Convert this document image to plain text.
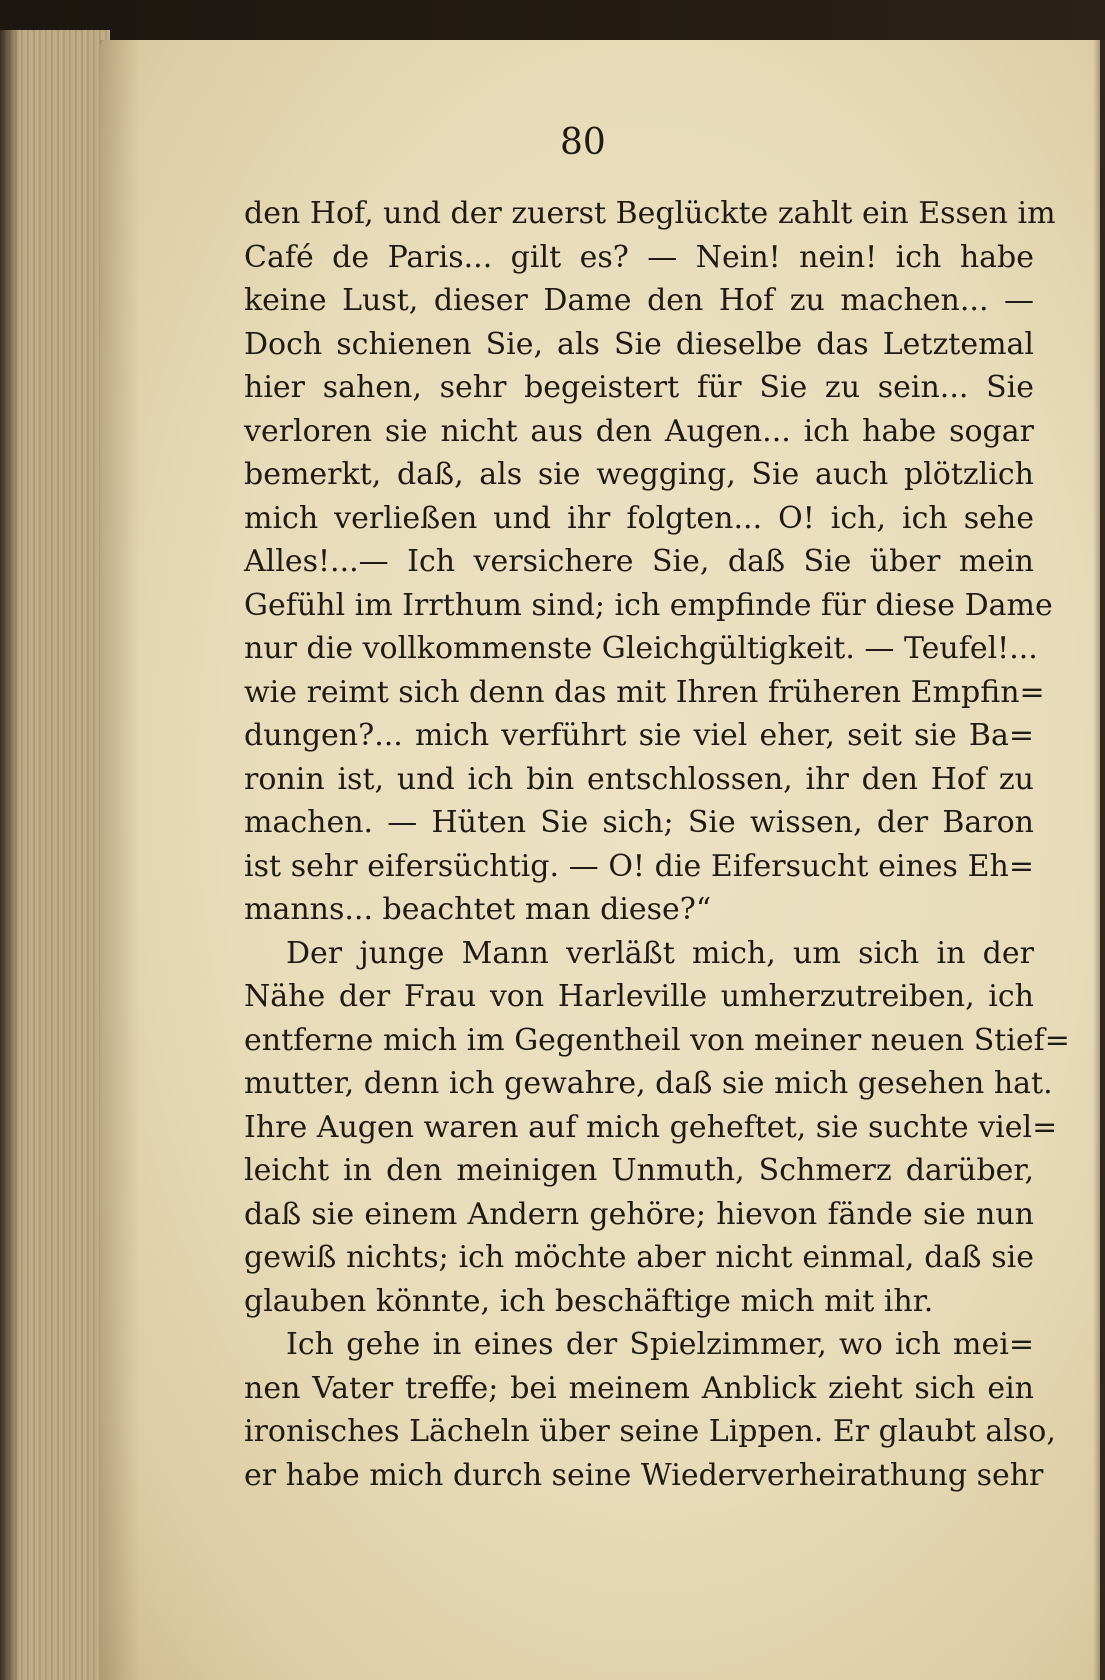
80

den Hof, und der zuerst Beglückte zahlt ein Essen im

Café de Paris... gilt es? — Nein! nein! ich habe

keine Lust, dieser Dame den Hof zu machen... —

Doch schienen Sie, als Sie dieselbe das Letztemal

hier sahen, sehr begeistert für Sie zu sein... Sie

verloren sie nicht aus den Augen... ich habe sogar

bemerkt, daß, als sie wegging, Sie auch plötzlich

mich verließen und ihr folgten... O! ich, ich sehe

Alles!...— Ich versichere Sie, daß Sie über mein

Gefühl im Irrthum sind; ich empfinde für diese Dame

nur die vollkommenste Gleichgültigkeit. — Teufel!...

wie reimt sich denn das mit Ihren früheren Empfin=

dungen?... mich verführt sie viel eher, seit sie Ba=

ronin ist, und ich bin entschlossen, ihr den Hof zu

machen. — Hüten Sie sich; Sie wissen, der Baron

ist sehr eifersüchtig. — O! die Eifersucht eines Eh=

manns... beachtet man diese?“

Der junge Mann verläßt mich, um sich in der

Nähe der Frau von Harleville umherzutreiben, ich

entferne mich im Gegentheil von meiner neuen Stief=

mutter, denn ich gewahre, daß sie mich gesehen hat.

Ihre Augen waren auf mich geheftet, sie suchte viel=

leicht in den meinigen Unmuth, Schmerz darüber,

daß sie einem Andern gehöre; hievon fände sie nun

gewiß nichts; ich möchte aber nicht einmal, daß sie

glauben könnte, ich beschäftige mich mit ihr.

Ich gehe in eines der Spielzimmer, wo ich mei=

nen Vater treffe; bei meinem Anblick zieht sich ein

ironisches Lächeln über seine Lippen. Er glaubt also,

er habe mich durch seine Wiederverheirathung sehr
